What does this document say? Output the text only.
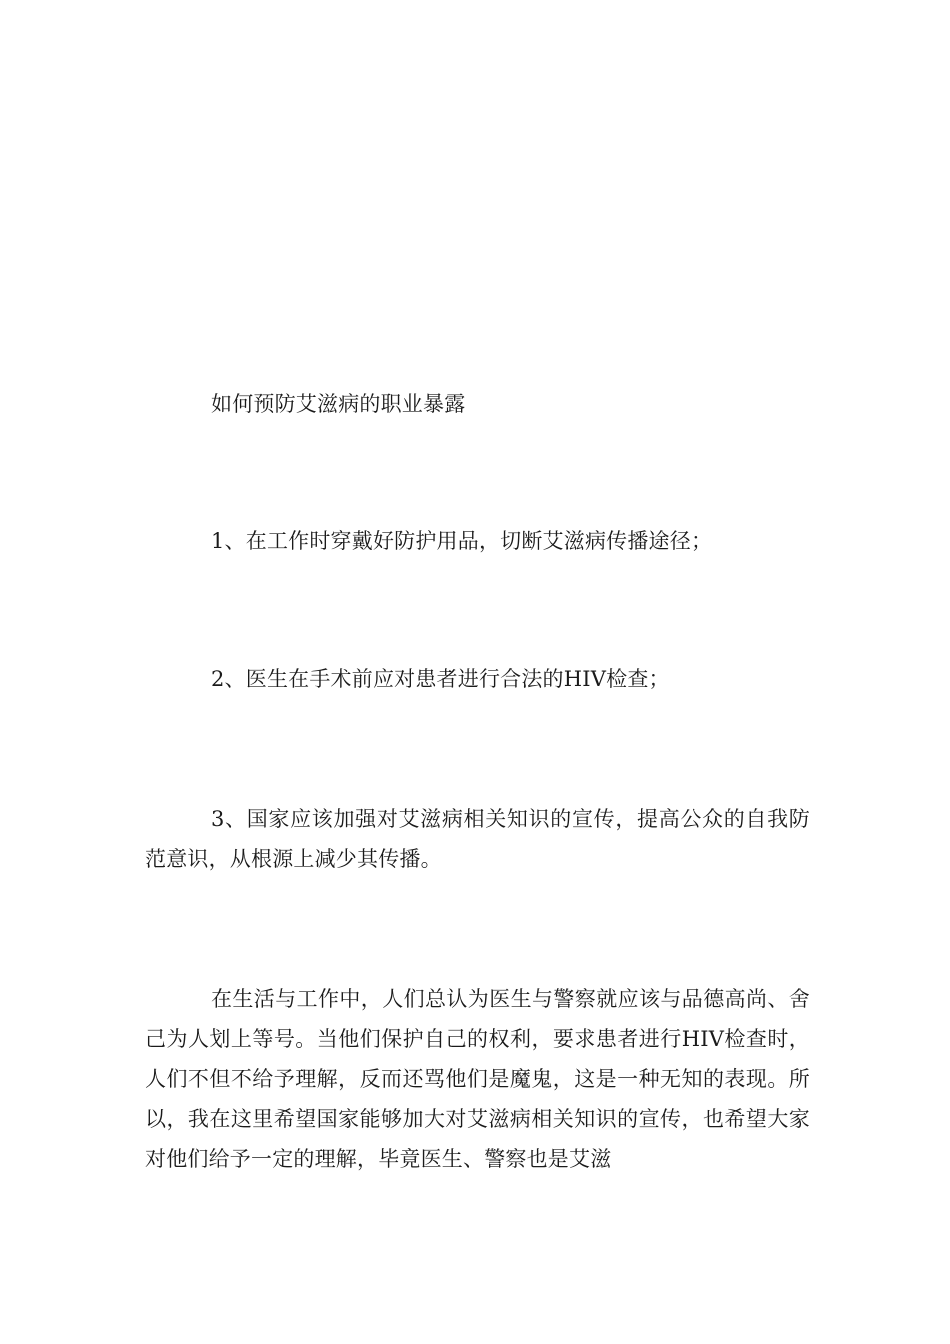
如何预防艾滋病的职业暴露

1、在工作时穿戴好防护用品，切断艾滋病传播途径；

2、医生在手术前应对患者进行合法的HIV检查；

3、国家应该加强对艾滋病相关知识的宣传，提高公众的自我防范意识，从根源上减少其传播。

在生活与工作中，人们总认为医生与警察就应该与品德高尚、舍己为人划上等号。当他们保护自己的权利，要求患者进行HIV检查时，人们不但不给予理解，反而还骂他们是魔鬼，这是一种无知的表现。所以，我在这里希望国家能够加大对艾滋病相关知识的宣传，也希望大家对他们给予一定的理解，毕竟医生、警察也是艾滋
